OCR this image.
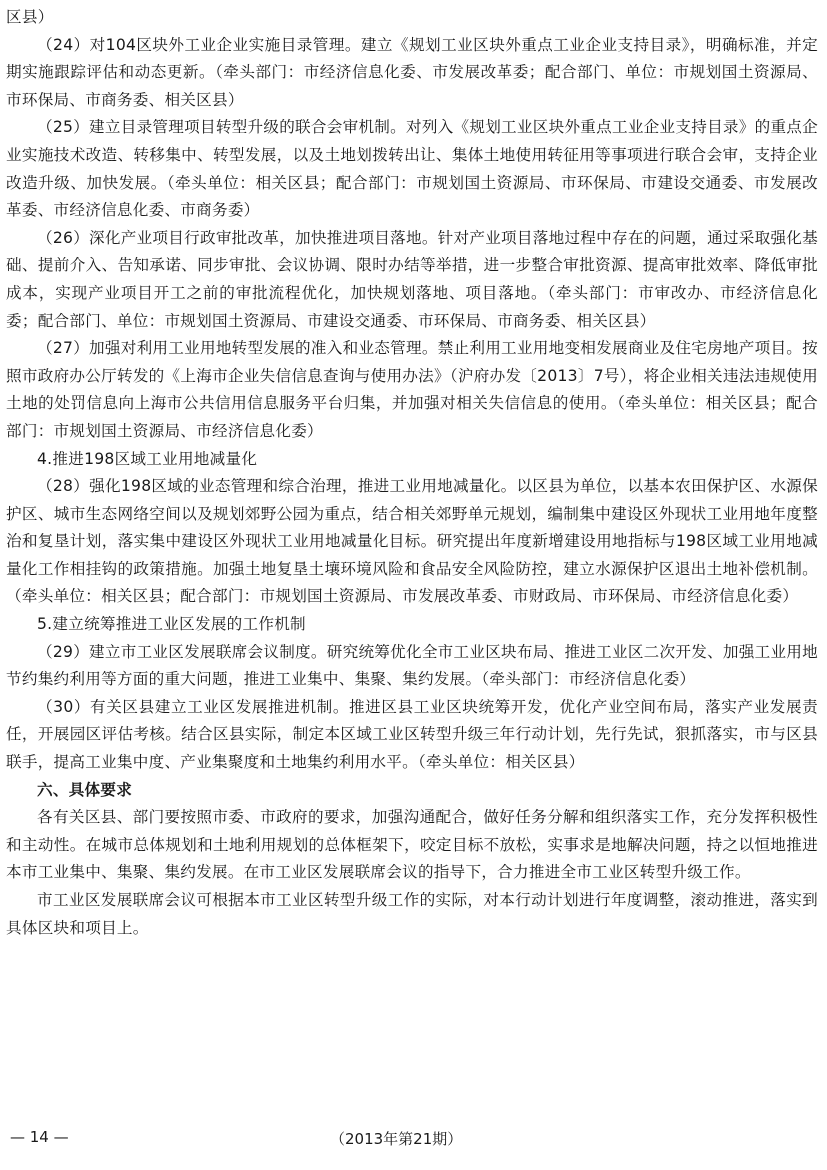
区县）

（24）对104区块外工业企业实施目录管理。建立《规划工业区块外重点工业企业支持目录》，明确标准，并定期实施跟踪评估和动态更新。（牵头部门：市经济信息化委、市发展改革委；配合部门、单位：市规划国土资源局、市环保局、市商务委、相关区县）

（25）建立目录管理项目转型升级的联合会审机制。对列入《规划工业区块外重点工业企业支持目录》的重点企业实施技术改造、转移集中、转型发展，以及土地划拨转出让、集体土地使用转征用等事项进行联合会审，支持企业改造升级、加快发展。（牵头单位：相关区县；配合部门：市规划国土资源局、市环保局、市建设交通委、市发展改革委、市经济信息化委、市商务委）

（26）深化产业项目行政审批改革，加快推进项目落地。针对产业项目落地过程中存在的问题，通过采取强化基础、提前介入、告知承诺、同步审批、会议协调、限时办结等举措，进一步整合审批资源、提高审批效率、降低审批成本，实现产业项目开工之前的审批流程优化，加快规划落地、项目落地。（牵头部门：市审改办、市经济信息化委；配合部门、单位：市规划国土资源局、市建设交通委、市环保局、市商务委、相关区县）

（27）加强对利用工业用地转型发展的准入和业态管理。禁止利用工业用地变相发展商业及住宅房地产项目。按照市政府办公厅转发的《上海市企业失信信息查询与使用办法》（沪府办发〔2013〕7号），将企业相关违法违规使用土地的处罚信息向上海市公共信用信息服务平台归集，并加强对相关失信信息的使用。（牵头单位：相关区县；配合部门：市规划国土资源局、市经济信息化委）

4.推进198区域工业用地减量化

（28）强化198区域的业态管理和综合治理，推进工业用地减量化。以区县为单位，以基本农田保护区、水源保护区、城市生态网络空间以及规划郊野公园为重点，结合相关郊野单元规划，编制集中建设区外现状工业用地年度整治和复垦计划，落实集中建设区外现状工业用地减量化目标。研究提出年度新增建设用地指标与198区域工业用地减量化工作相挂钩的政策措施。加强土地复垦土壤环境风险和食品安全风险防控，建立水源保护区退出土地补偿机制。（牵头单位：相关区县；配合部门：市规划国土资源局、市发展改革委、市财政局、市环保局、市经济信息化委）

5.建立统筹推进工业区发展的工作机制

（29）建立市工业区发展联席会议制度。研究统筹优化全市工业区块布局、推进工业区二次开发、加强工业用地节约集约利用等方面的重大问题，推进工业集中、集聚、集约发展。（牵头部门：市经济信息化委）

（30）有关区县建立工业区发展推进机制。推进区县工业区块统筹开发，优化产业空间布局，落实产业发展责任，开展园区评估考核。结合区县实际，制定本区域工业区转型升级三年行动计划，先行先试，狠抓落实，市与区县联手，提高工业集中度、产业集聚度和土地集约利用水平。（牵头单位：相关区县）

六、具体要求

各有关区县、部门要按照市委、市政府的要求，加强沟通配合，做好任务分解和组织落实工作，充分发挥积极性和主动性。在城市总体规划和土地利用规划的总体框架下，咬定目标不放松，实事求是地解决问题，持之以恒地推进本市工业集中、集聚、集约发展。在市工业区发展联席会议的指导下，合力推进全市工业区转型升级工作。

市工业区发展联席会议可根据本市工业区转型升级工作的实际，对本行动计划进行年度调整，滚动推进，落实到具体区块和项目上。

— 14 —	（2013年第21期）
